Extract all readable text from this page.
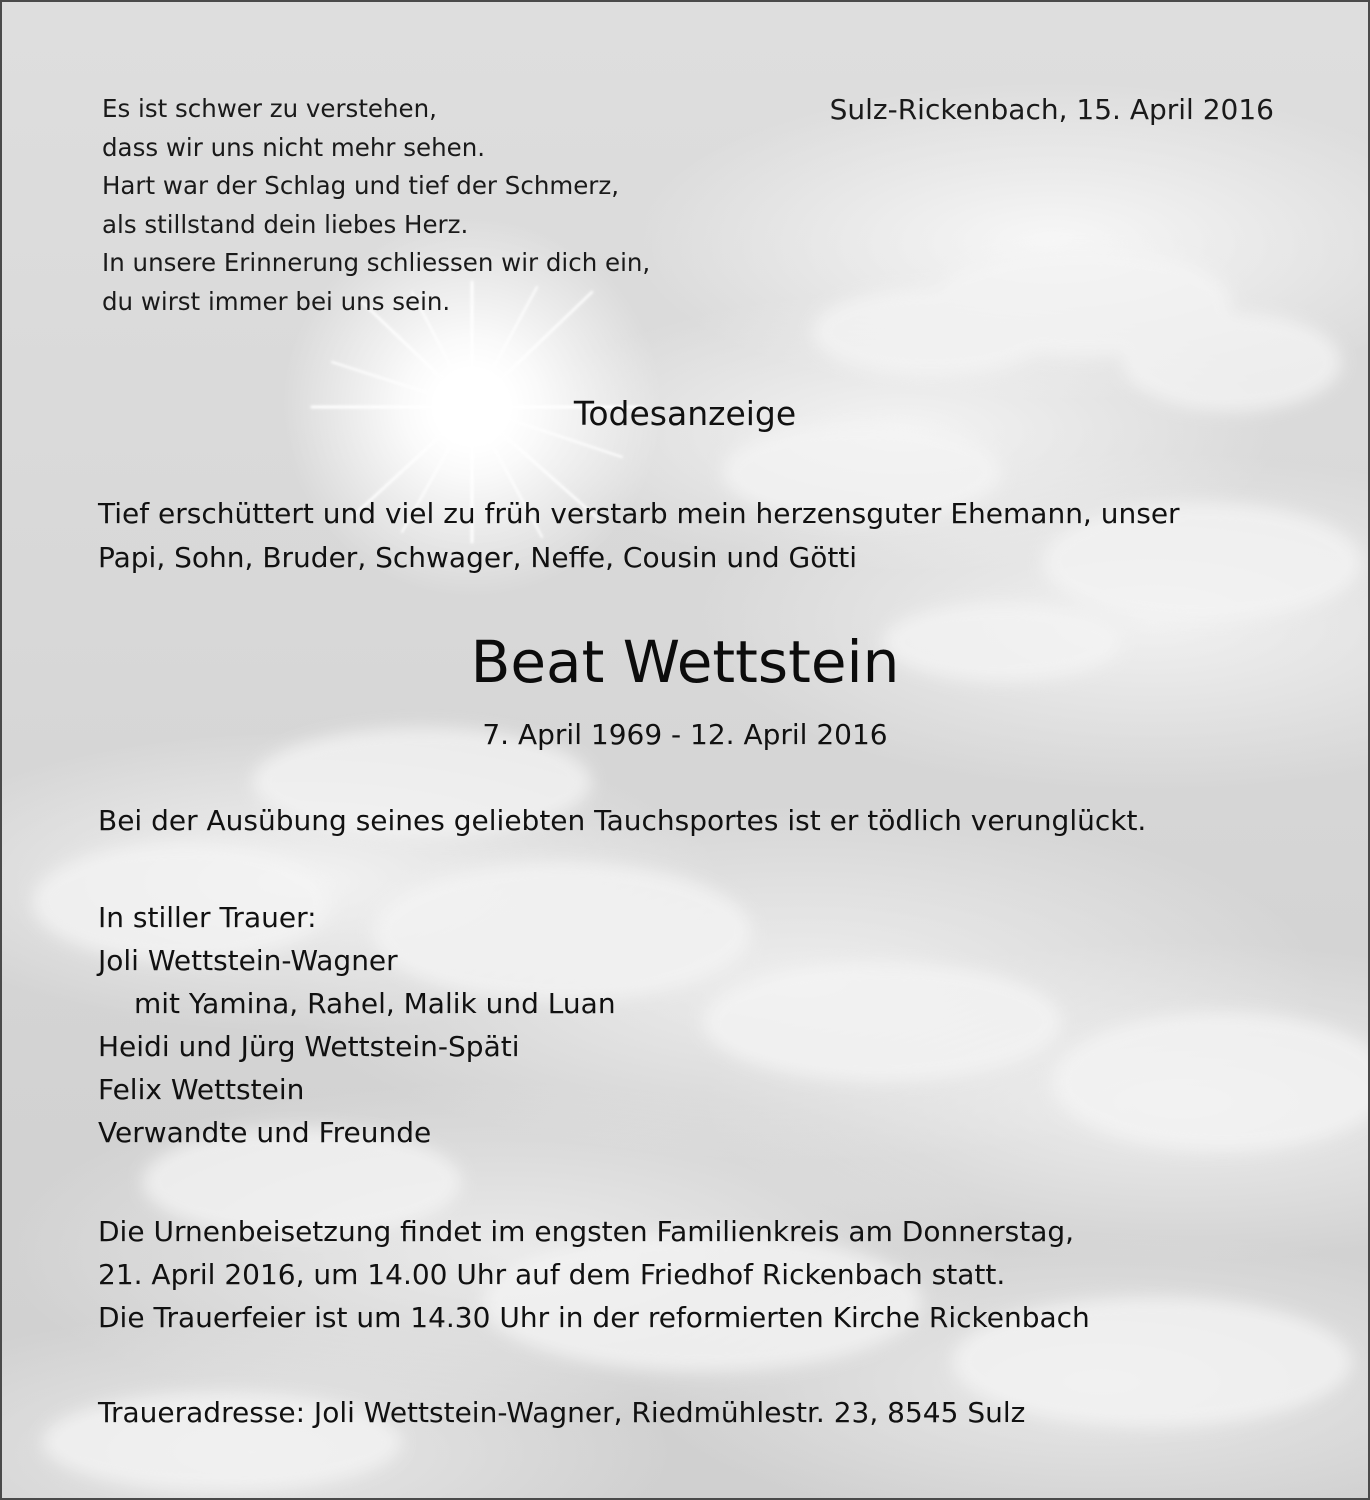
Es ist schwer zu verstehen,
dass wir uns nicht mehr sehen.
Hart war der Schlag und tief der Schmerz,
als stillstand dein liebes Herz.
In unsere Erinnerung schliessen wir dich ein,
du wirst immer bei uns sein.
Sulz-Rickenbach, 15. April 2016
Todesanzeige
Tief erschüttert und viel zu früh verstarb mein herzensguter Ehemann, unser
Papi, Sohn, Bruder, Schwager, Neffe, Cousin und Götti
Beat Wettstein
7. April 1969 - 12. April 2016
Bei der Ausübung seines geliebten Tauchsportes ist er tödlich verunglückt.
In stiller Trauer:
Joli Wettstein-Wagner
mit Yamina, Rahel, Malik und Luan
Heidi und Jürg Wettstein-Späti
Felix Wettstein
Verwandte und Freunde
Die Urnenbeisetzung findet im engsten Familienkreis am Donnerstag,
21. April 2016, um 14.00 Uhr auf dem Friedhof Rickenbach statt.
Die Trauerfeier ist um 14.30 Uhr in der reformierten Kirche Rickenbach
Traueradresse: Joli Wettstein-Wagner, Riedmühlestr. 23, 8545 Sulz
